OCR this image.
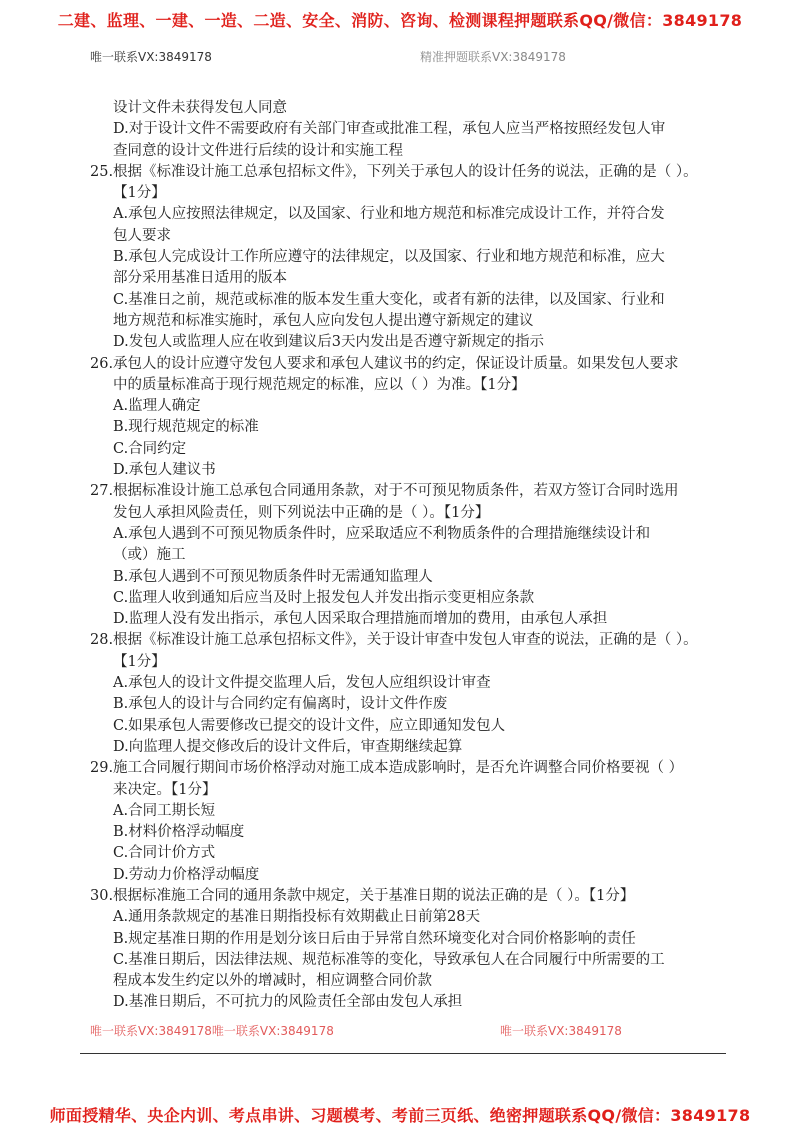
二建、监理、一建、一造、二造、安全、消防、咨询、检测课程押题联系QQ/微信：3849178
唯一联系VX:3849178	精准押题联系VX:3849178
设计文件未获得发包人同意
D.对于设计文件不需要政府有关部门审查或批准工程，承包人应当严格按照经发包人审
查同意的设计文件进行后续的设计和实施工程
25.根据《标准设计施工总承包招标文件》，下列关于承包人的设计任务的说法，正确的是（ ）。
【1分】
A.承包人应按照法律规定，以及国家、行业和地方规范和标准完成设计工作，并符合发
包人要求
B.承包人完成设计工作所应遵守的法律规定，以及国家、行业和地方规范和标准，应大
部分采用基准日适用的版本
C.基准日之前，规范或标准的版本发生重大变化，或者有新的法律，以及国家、行业和
地方规范和标准实施时，承包人应向发包人提出遵守新规定的建议
D.发包人或监理人应在收到建议后3天内发出是否遵守新规定的指示
26.承包人的设计应遵守发包人要求和承包人建议书的约定，保证设计质量。如果发包人要求
中的质量标准高于现行规范规定的标准，应以（ ）为准。【1分】
A.监理人确定
B.现行规范规定的标准
C.合同约定
D.承包人建议书
27.根据标准设计施工总承包合同通用条款，对于不可预见物质条件，若双方签订合同时选用
发包人承担风险责任，则下列说法中正确的是（ ）。【1分】
A.承包人遇到不可预见物质条件时，应采取适应不利物质条件的合理措施继续设计和
（或）施工
B.承包人遇到不可预见物质条件时无需通知监理人
C.监理人收到通知后应当及时上报发包人并发出指示变更相应条款
D.监理人没有发出指示，承包人因采取合理措施而增加的费用，由承包人承担
28.根据《标准设计施工总承包招标文件》，关于设计审查中发包人审查的说法，正确的是（ ）。
【1分】
A.承包人的设计文件提交监理人后，发包人应组织设计审查
B.承包人的设计与合同约定有偏离时，设计文件作废
C.如果承包人需要修改已提交的设计文件，应立即通知发包人
D.向监理人提交修改后的设计文件后，审查期继续起算
29.施工合同履行期间市场价格浮动对施工成本造成影响时，是否允许调整合同价格要视（ ）
来决定。【1分】
A.合同工期长短
B.材料价格浮动幅度
C.合同计价方式
D.劳动力价格浮动幅度
30.根据标准施工合同的通用条款中规定，关于基准日期的说法正确的是（ ）。【1分】
A.通用条款规定的基准日期指投标有效期截止日前第28天
B.规定基准日期的作用是划分该日后由于异常自然环境变化对合同价格影响的责任
C.基准日期后，因法律法规、规范标准等的变化，导致承包人在合同履行中所需要的工
程成本发生约定以外的增减时，相应调整合同价款
D.基准日期后，不可抗力的风险责任全部由发包人承担
唯一联系VX:3849178唯一联系VX:3849178	唯一联系VX:3849178
师面授精华、央企内训、考点串讲、习题模考、考前三页纸、绝密押题联系QQ/微信：3849178
